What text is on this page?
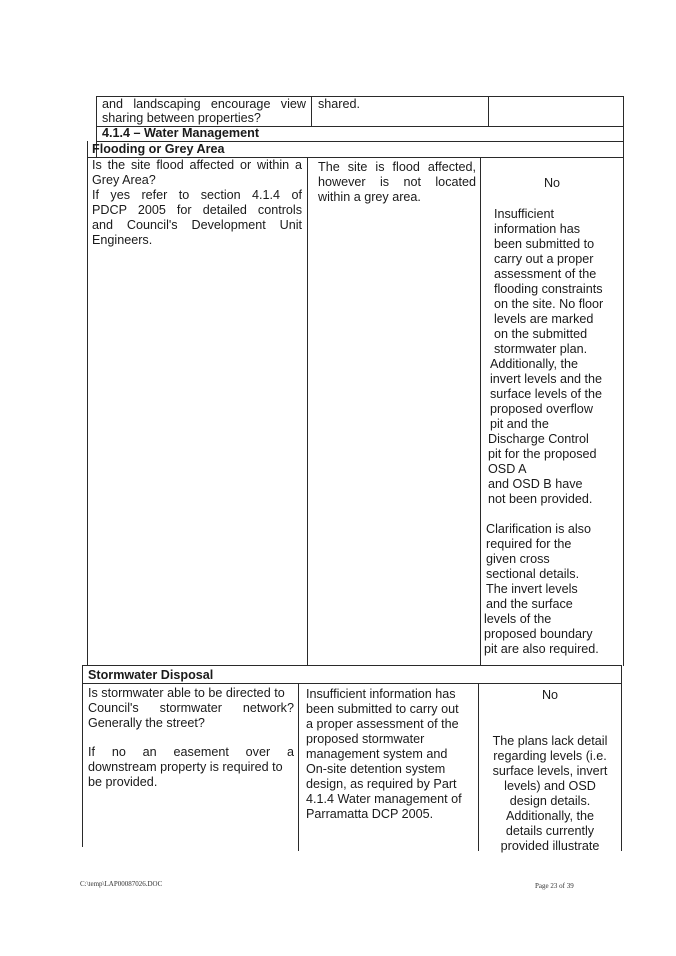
and landscaping encourage view
sharing between properties?
shared.
4.1.4 – Water Management
Flooding or Grey Area
Is the site flood affected or within a
Grey Area?
If yes refer to section 4.1.4 of
PDCP 2005 for detailed controls
and Council's Development Unit
Engineers.
The site is flood affected,
however is not located
within a grey area.
No
Insufficient
information has
been submitted to
carry out a proper
assessment of the
flooding constraints
on the site. No floor
levels are marked
on the submitted
stormwater plan.
Additionally, the
invert levels and the
surface levels of the
proposed overflow
pit and the
Discharge Control
pit for the proposed
OSD A
and OSD B have
not been provided.
Clarification is also
required for the
given cross
sectional details.
The invert levels
and the surface
levels of the
proposed boundary
pit are also required.
Stormwater Disposal
Is stormwater able to be directed to
Council's stormwater network?
Generally the street?
If no an easement over a
downstream property is required to
be provided.
Insufficient information has
been submitted to carry out
a proper assessment of the
proposed stormwater
management system and
On-site detention system
design, as required by Part
4.1.4 Water management of
Parramatta DCP 2005.
No
The plans lack detail
regarding levels (i.e.
surface levels, invert
levels) and OSD
design details.
Additionally, the
details currently
provided illustrate
C:\temp\LAP00087026.DOC	Page 23 of 39
